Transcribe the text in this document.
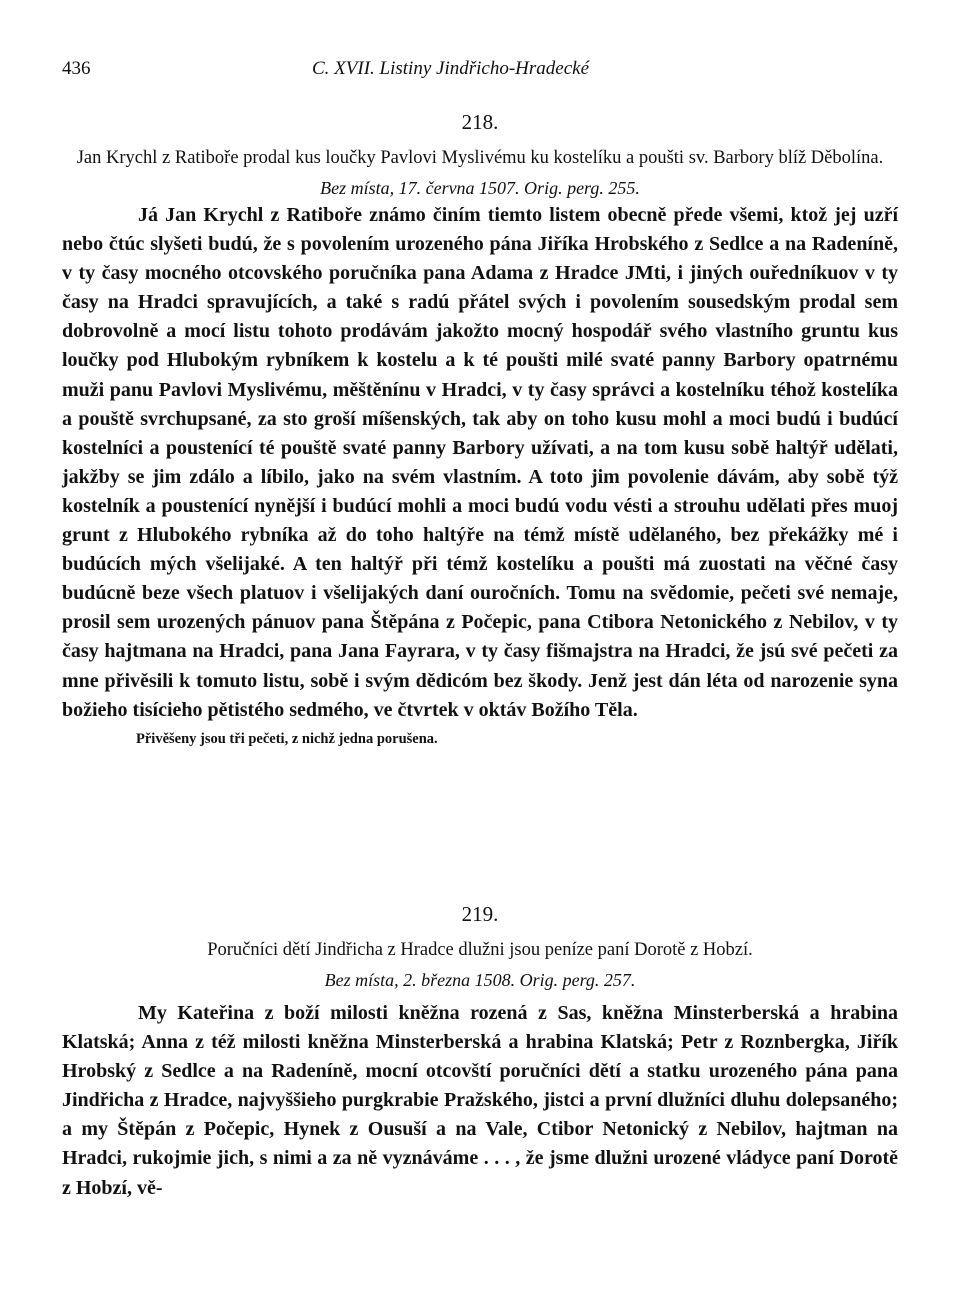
436	C. XVII. Listiny Jindřicho-Hradecké
218.
Jan Krychl z Ratiboře prodal kus loučky Pavlovi Myslivému ku kostelíku a poušti sv. Barbory blíž Děbolína.
Bez místa, 17. června 1507. Orig. perg. 255.

Já Jan Krychl z Ratiboře známo činím tiemto listem obecně přede všemi, ktož jej uzří nebo čtúc slyšeti budú, že s povolením urozeného pána Jiříka Hrobského z Sedlce a na Radeníně, v ty časy mocného otcovského poručníka pana Adama z Hradce JMti, i jiných ouředníkuov v ty časy na Hradci spravujících, a také s radú přátel svých i povolením sousedským prodal sem dobrovolně a mocí listu tohoto prodávám jakožto mocný hospodář svého vlastního gruntu kus loučky pod Hlubokým rybníkem k kostelu a k té poušti milé svaté panny Barbory opatrnému muži panu Pavlovi Myslivému, měštěnínu v Hradci, v ty časy správci a kostelníku téhož kostelíka a pouště svrchupsané, za sto groší míšenských, tak aby on toho kusu mohl a moci budú i budúcí kostelníci a poustenící té pouště svaté panny Barbory užívati, a na tom kusu sobě haltýř udělati, jakžby se jim zdálo a líbilo, jako na svém vlastním. A toto jim povolenie dávám, aby sobě týž kostelník a poustenící nynější i budúcí mohli a moci budú vodu vésti a strouhu udělati přes muoj grunt z Hlubokého rybníka až do toho haltýře na témž místě udělaného, bez překážky mé i budúcích mých všelijaké. A ten haltýř při témž kostelíku a poušti má zuostati na věčné časy budúcně beze všech platuov i všelijakých daní ouročních. Tomu na svědomie, pečeti své nemaje, prosil sem urozených pánuov pana Štěpána z Počepic, pana Ctibora Netonického z Nebilov, v ty časy hajtmana na Hradci, pana Jana Fayrara, v ty časy fišmajstra na Hradci, že jsú své pečeti za mne přivěsili k tomuto listu, sobě i svým dědicóm bez škody. Jenž jest dán léta od narozenie syna božieho tisícieho pětistého sedmého, ve čtvrtek v oktáv Božího Těla.

Přivěšeny jsou tři pečeti, z nichž jedna porušena.
219.
Poručníci dětí Jindřicha z Hradce dlužni jsou peníze paní Dorotě z Hobzí.
Bez místa, 2. března 1508. Orig. perg. 257.

My Kateřina z boží milosti kněžna rozená z Sas, kněžna Minsterberská a hrabina Klatská; Anna z též milosti kněžna Minsterberská a hrabina Klatská; Petr z Roznbergka, Jiřík Hrobský z Sedlce a na Radeníně, mocní otcovští poručníci dětí a statku urozeného pána pana Jindřicha z Hradce, najvyššieho purgkrabie Pražského, jistci a první dlužníci dluhu dolepsaného; a my Štěpán z Počepic, Hynek z Ousuší a na Vale, Ctibor Netonický z Nebilov, hajtman na Hradci, rukojmie jich, s nimi a za ně vyznáváme . . . , že jsme dlužni urozené vládyce paní Dorotě z Hobzí, vě-
